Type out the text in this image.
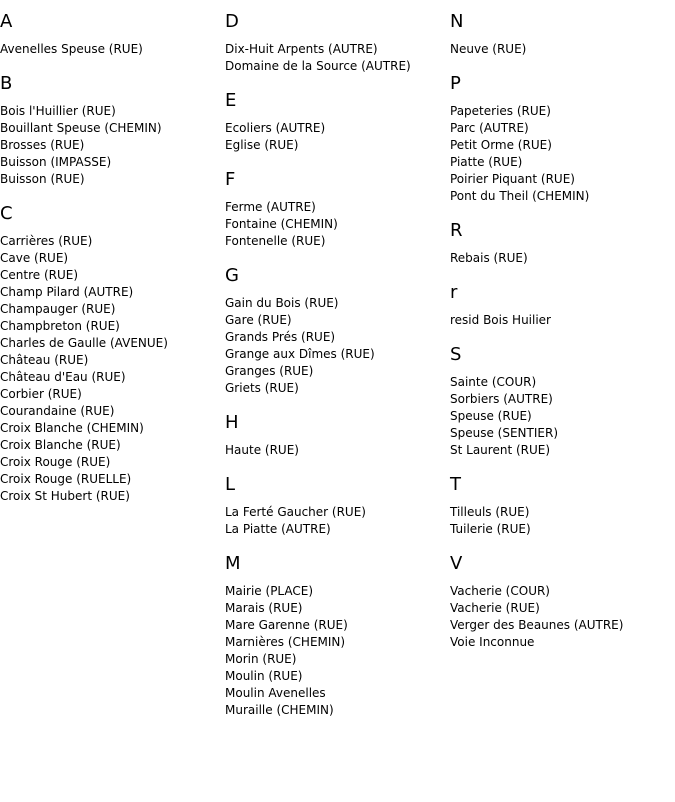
A
Avenelles Speuse (RUE)
B
Bois l'Huillier (RUE)
Bouillant Speuse (CHEMIN)
Brosses (RUE)
Buisson (IMPASSE)
Buisson (RUE)
C
Carrières (RUE)
Cave (RUE)
Centre (RUE)
Champ Pilard (AUTRE)
Champauger (RUE)
Champbreton (RUE)
Charles de Gaulle (AVENUE)
Château (RUE)
Château d'Eau (RUE)
Corbier (RUE)
Courandaine (RUE)
Croix Blanche (CHEMIN)
Croix Blanche (RUE)
Croix Rouge (RUE)
Croix Rouge (RUELLE)
Croix St Hubert (RUE)
D
Dix-Huit Arpents (AUTRE)
Domaine de la Source (AUTRE)
E
Ecoliers (AUTRE)
Eglise (RUE)
F
Ferme (AUTRE)
Fontaine (CHEMIN)
Fontenelle (RUE)
G
Gain du Bois (RUE)
Gare (RUE)
Grands Prés (RUE)
Grange aux Dîmes (RUE)
Granges (RUE)
Griets (RUE)
H
Haute (RUE)
L
La Ferté Gaucher (RUE)
La Piatte (AUTRE)
M
Mairie (PLACE)
Marais (RUE)
Mare Garenne (RUE)
Marnières (CHEMIN)
Morin (RUE)
Moulin (RUE)
Moulin Avenelles
Muraille (CHEMIN)
N
Neuve (RUE)
P
Papeteries (RUE)
Parc (AUTRE)
Petit Orme (RUE)
Piatte (RUE)
Poirier Piquant (RUE)
Pont du Theil (CHEMIN)
R
Rebais (RUE)
r
resid Bois Huilier
S
Sainte (COUR)
Sorbiers (AUTRE)
Speuse (RUE)
Speuse (SENTIER)
St Laurent (RUE)
T
Tilleuls (RUE)
Tuilerie (RUE)
V
Vacherie (COUR)
Vacherie (RUE)
Verger des Beaunes (AUTRE)
Voie Inconnue
